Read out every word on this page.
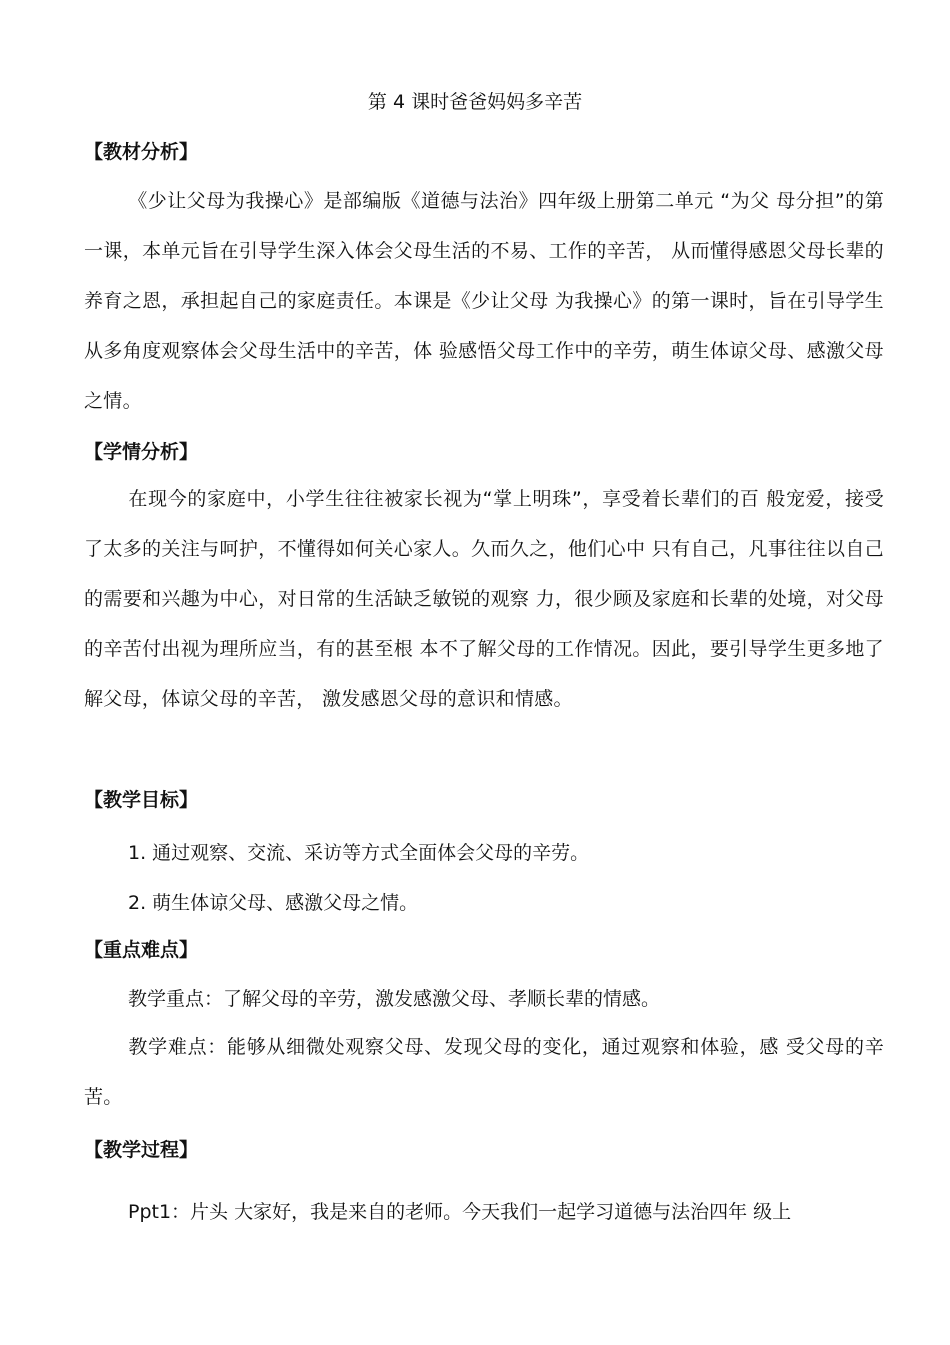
第 4 课时爸爸妈妈多辛苦
【教材分析】
《少让父母为我操心》是部编版《道德与法治》四年级上册第二单元 “为父 母分担”的第一课，本单元旨在引导学生深入体会父母生活的不易、工作的辛苦， 从而懂得感恩父母长辈的养育之恩，承担起自己的家庭责任。本课是《少让父母 为我操心》的第一课时，旨在引导学生从多角度观察体会父母生活中的辛苦，体 验感悟父母工作中的辛劳，萌生体谅父母、感激父母之情。
【学情分析】
在现今的家庭中，小学生往往被家长视为“掌上明珠”，享受着长辈们的百 般宠爱，接受了太多的关注与呵护，不懂得如何关心家人。久而久之，他们心中 只有自己，凡事往往以自己的需要和兴趣为中心，对日常的生活缺乏敏锐的观察 力，很少顾及家庭和长辈的处境，对父母的辛苦付出视为理所应当，有的甚至根 本不了解父母的工作情况。因此，要引导学生更多地了解父母，体谅父母的辛苦， 激发感恩父母的意识和情感。
【教学目标】
1. 通过观察、交流、采访等方式全面体会父母的辛劳。
2. 萌生体谅父母、感激父母之情。
【重点难点】
教学重点：了解父母的辛劳，激发感激父母、孝顺长辈的情感。
教学难点：能够从细微处观察父母、发现父母的变化，通过观察和体验，感 受父母的辛苦。
【教学过程】
Ppt1：片头 大家好，我是来自的老师。今天我们一起学习道德与法治四年 级上
